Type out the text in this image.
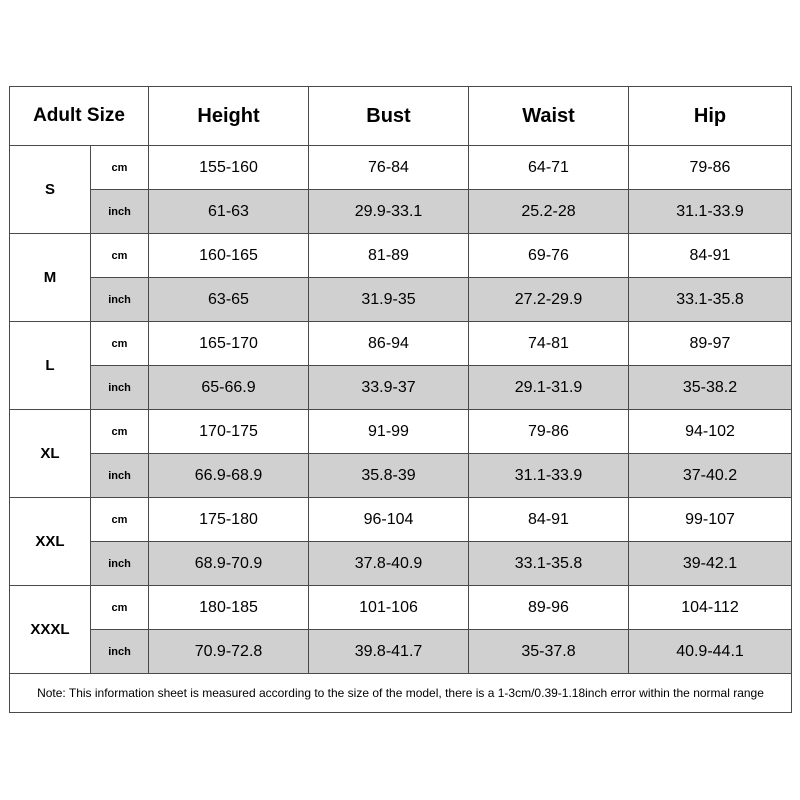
Adult Size		Height	Bust	Waist	Hip
S	cm	155-160	76-84	64-71	79-86
	inch	61-63	29.9-33.1	25.2-28	31.1-33.9
M	cm	160-165	81-89	69-76	84-91
	inch	63-65	31.9-35	27.2-29.9	33.1-35.8
L	cm	165-170	86-94	74-81	89-97
	inch	65-66.9	33.9-37	29.1-31.9	35-38.2
XL	cm	170-175	91-99	79-86	94-102
	inch	66.9-68.9	35.8-39	31.1-33.9	37-40.2
XXL	cm	175-180	96-104	84-91	99-107
	inch	68.9-70.9	37.8-40.9	33.1-35.8	39-42.1
XXXL	cm	180-185	101-106	89-96	104-112
	inch	70.9-72.8	39.8-41.7	35-37.8	40.9-44.1
Note: This information sheet is measured according to the size of the model, there is a 1-3cm/0.39-1.18inch error within the normal range					
